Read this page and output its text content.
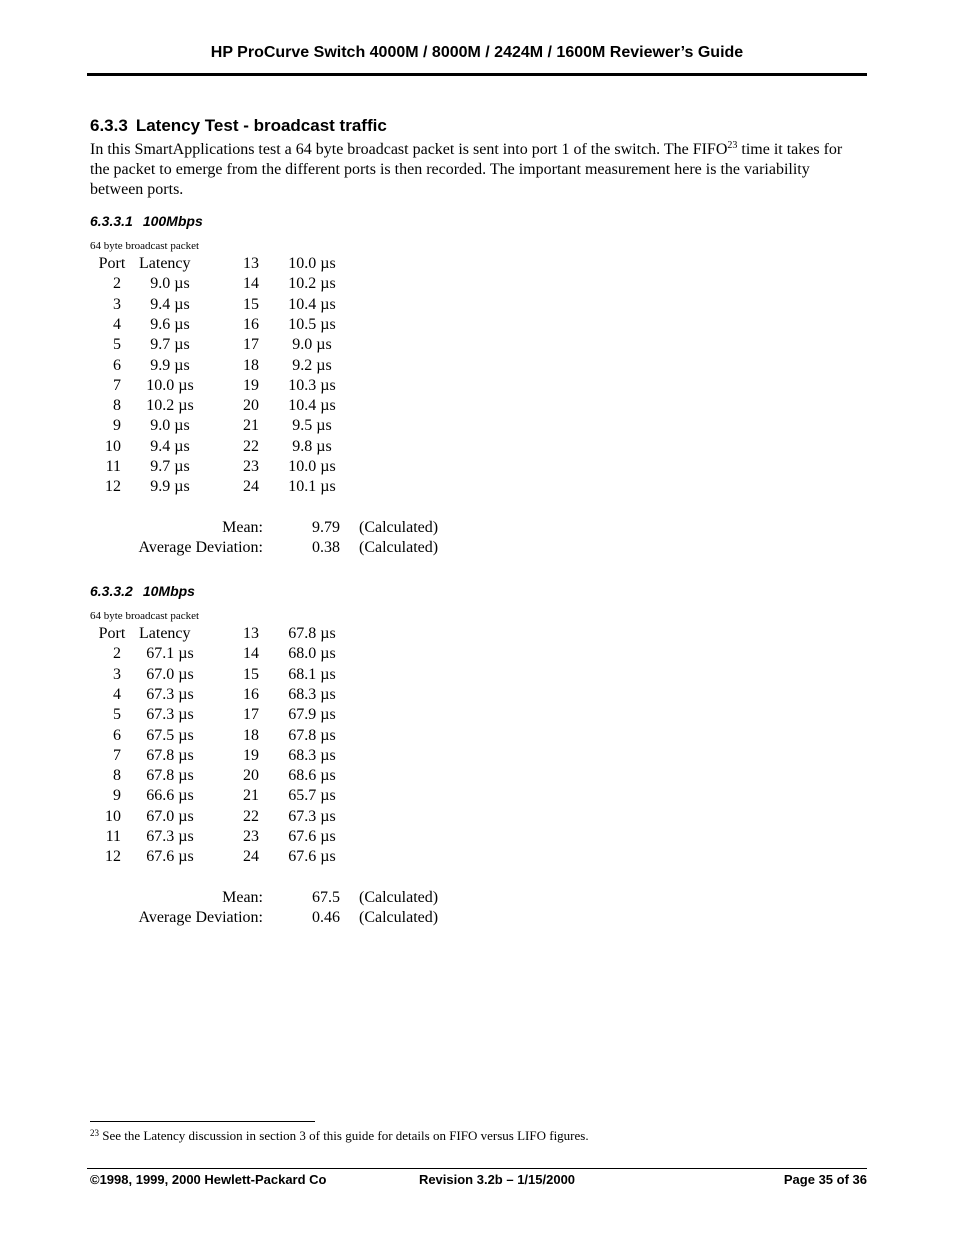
HP ProCurve Switch 4000M / 8000M / 2424M / 1600M Reviewer’s Guide
6.3.3 Latency Test - broadcast traffic
In this SmartApplications test a 64 byte broadcast packet is sent into port 1 of the switch. The FIFO$^{23}$ time it takes for the packet to emerge from the different ports is then recorded. The important measurement here is the variability between ports.
6.3.3.1 100Mbps
64 byte broadcast packet
Port Latency	13	10.0 µs
2	9.0 µs	14	10.2 µs
3	9.4 µs	15	10.4 µs
4	9.6 µs	16	10.5 µs
5	9.7 µs	17	9.0 µs
6	9.9 µs	18	9.2 µs
7	10.0 µs	19	10.3 µs
8	10.2 µs	20	10.4 µs
9	9.0 µs	21	9.5 µs
10	9.4 µs	22	9.8 µs
11	9.7 µs	23	10.0 µs
12	9.9 µs	24	10.1 µs
Mean:	9.79 (Calculated)
Average Deviation:	0.38 (Calculated)
6.3.3.2 10Mbps
64 byte broadcast packet
Port Latency	13	67.8 µs
2	67.1 µs	14	68.0 µs
3	67.0 µs	15	68.1 µs
4	67.3 µs	16	68.3 µs
5	67.3 µs	17	67.9 µs
6	67.5 µs	18	67.8 µs
7	67.8 µs	19	68.3 µs
8	67.8 µs	20	68.6 µs
9	66.6 µs	21	65.7 µs
10	67.0 µs	22	67.3 µs
11	67.3 µs	23	67.6 µs
12	67.6 µs	24	67.6 µs
Mean:	67.5 (Calculated)
Average Deviation:	0.46 (Calculated)
$^{23}$ See the Latency discussion in section 3 of this guide for details on FIFO versus LIFO figures.
©1998, 1999, 2000 Hewlett-Packard Co	Revision 3.2b – 1/15/2000	Page 35 of 36
